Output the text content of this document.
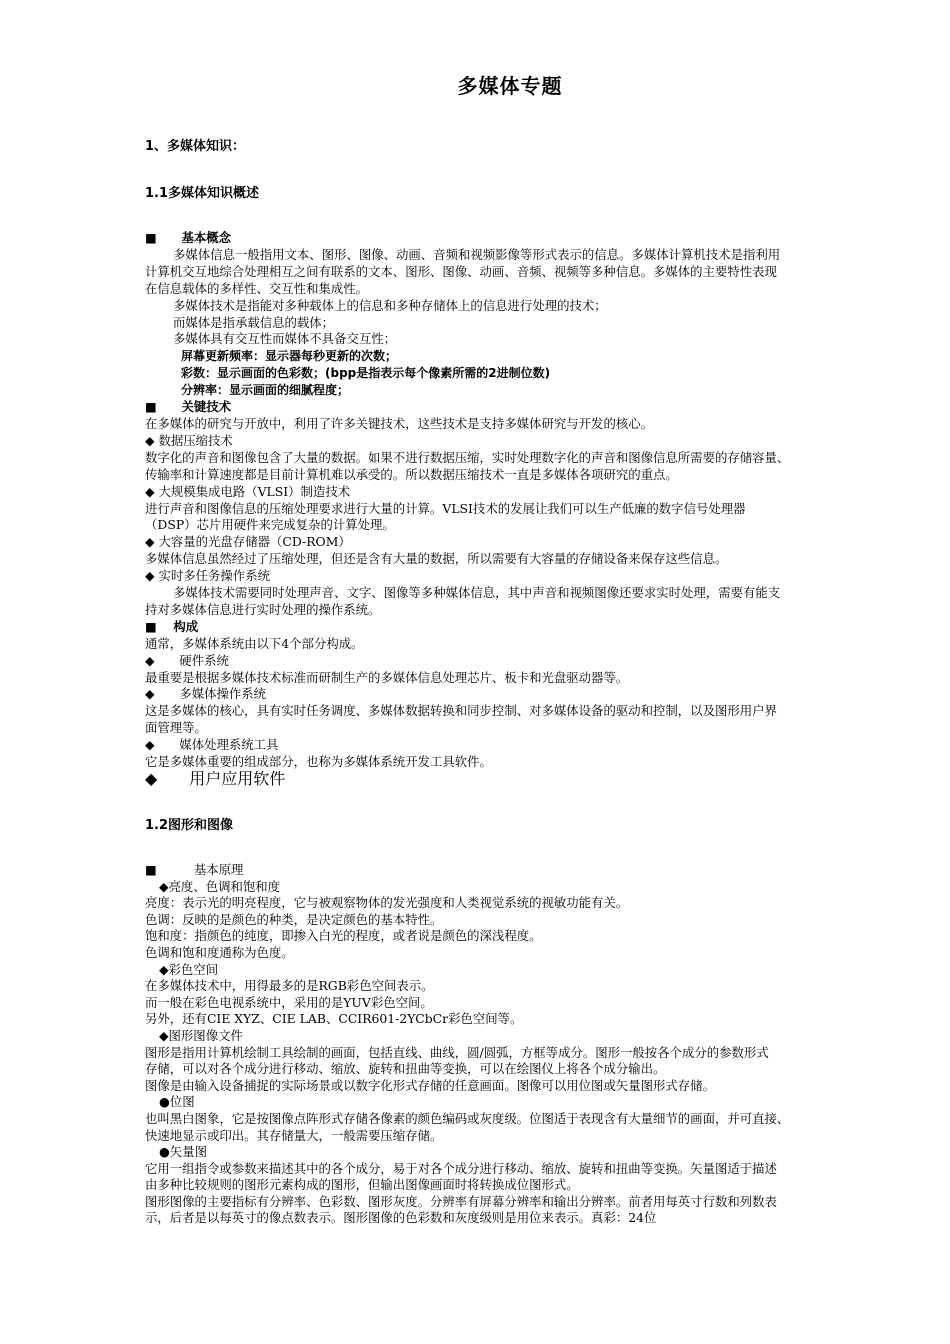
多媒体专题
1、多媒体知识：
1.1多媒体知识概述

■　　基本概念

多媒体信息一般指用文本、图形、图像、动画、音频和视频影像等形式表示的信息。多媒体计算机技术是指利用

计算机交互地综合处理相互之间有联系的文本、图形、图像、动画、音频、视频等多种信息。多媒体的主要特性表现

在信息载体的多样性、交互性和集成性。

多媒体技术是指能对多种载体上的信息和多种存储体上的信息进行处理的技术；

而媒体是指承载信息的载体；

多媒体具有交互性而媒体不具备交互性；

屏幕更新频率：显示器每秒更新的次数；

彩数：显示画面的色彩数；(bpp是指表示每个像素所需的2进制位数)

分辨率：显示画面的细腻程度；

■　　关键技术

在多媒体的研究与开放中，利用了许多关键技术，这些技术是支持多媒体研究与开发的核心。

◆ 数据压缩技术

数字化的声音和图像包含了大量的数据。如果不进行数据压缩，实时处理数字化的声音和图像信息所需要的存储容量、

传输率和计算速度都是目前计算机难以承受的。所以数据压缩技术一直是多媒体各项研究的重点。

◆ 大规模集成电路（VLSI）制造技术

进行声音和图像信息的压缩处理要求进行大量的计算。VLSI技术的发展让我们可以生产低廉的数字信号处理器

（DSP）芯片用硬件来完成复杂的计算处理。

◆ 大容量的光盘存储器（CD-ROM）

多媒体信息虽然经过了压缩处理，但还是含有大量的数据，所以需要有大容量的存储设备来保存这些信息。

◆ 实时多任务操作系统

多媒体技术需要同时处理声音、文字、图像等多种媒体信息，其中声音和视频图像还要求实时处理，需要有能支

持对多媒体信息进行实时处理的操作系统。

■　 构成

通常，多媒体系统由以下4个部分构成。

◆　　硬件系统

最重要是根据多媒体技术标准而研制生产的多媒体信息处理芯片、板卡和光盘驱动器等。

◆　　多媒体操作系统

这是多媒体的核心，具有实时任务调度、多媒体数据转换和同步控制、对多媒体设备的驱动和控制，以及图形用户界

面管理等。

◆　　媒体处理系统工具

它是多媒体重要的组成部分，也称为多媒体系统开发工具软件。

◆　　用户应用软件

1.2图形和图像

■　　　基本原理

◆亮度、色调和饱和度

亮度：表示光的明亮程度，它与被观察物体的发光强度和人类视觉系统的视敏功能有关。

色调：反映的是颜色的种类，是决定颜色的基本特性。

饱和度：指颜色的纯度，即掺入白光的程度，或者说是颜色的深浅程度。

色调和饱和度通称为色度。

◆彩色空间

在多媒体技术中，用得最多的是RGB彩色空间表示。

而一般在彩色电视系统中，采用的是YUV彩色空间。

另外，还有CIE XYZ、CIE LAB、CCIR601-2YCbCr彩色空间等。

◆图形图像文件

图形是指用计算机绘制工具绘制的画面，包括直线、曲线，圆/圆弧，方框等成分。图形一般按各个成分的参数形式

存储，可以对各个成分进行移动、缩放、旋转和扭曲等变换，可以在绘图仪上将各个成分输出。

图像是由输入设备捕捉的实际场景或以数字化形式存储的任意画面。图像可以用位图或矢量图形式存储。

●位图

也叫黑白图象，它是按图像点阵形式存储各像素的颜色编码或灰度级。位图适于表现含有大量细节的画面，并可直接、

快速地显示或印出。其存储量大，一般需要压缩存储。

●矢量图

它用一组指令或参数来描述其中的各个成分，易于对各个成分进行移动、缩放、旋转和扭曲等变换。矢量图适于描述

由多种比较规则的图形元素构成的图形，但输出图像画面时将转换成位图形式。

图形图像的主要指标有分辨率、色彩数、图形灰度。分辨率有屏幕分辨率和输出分辨率。前者用每英寸行数和列数表

示，后者是以每英寸的像点数表示。图形图像的色彩数和灰度级则是用位来表示。真彩：24位
